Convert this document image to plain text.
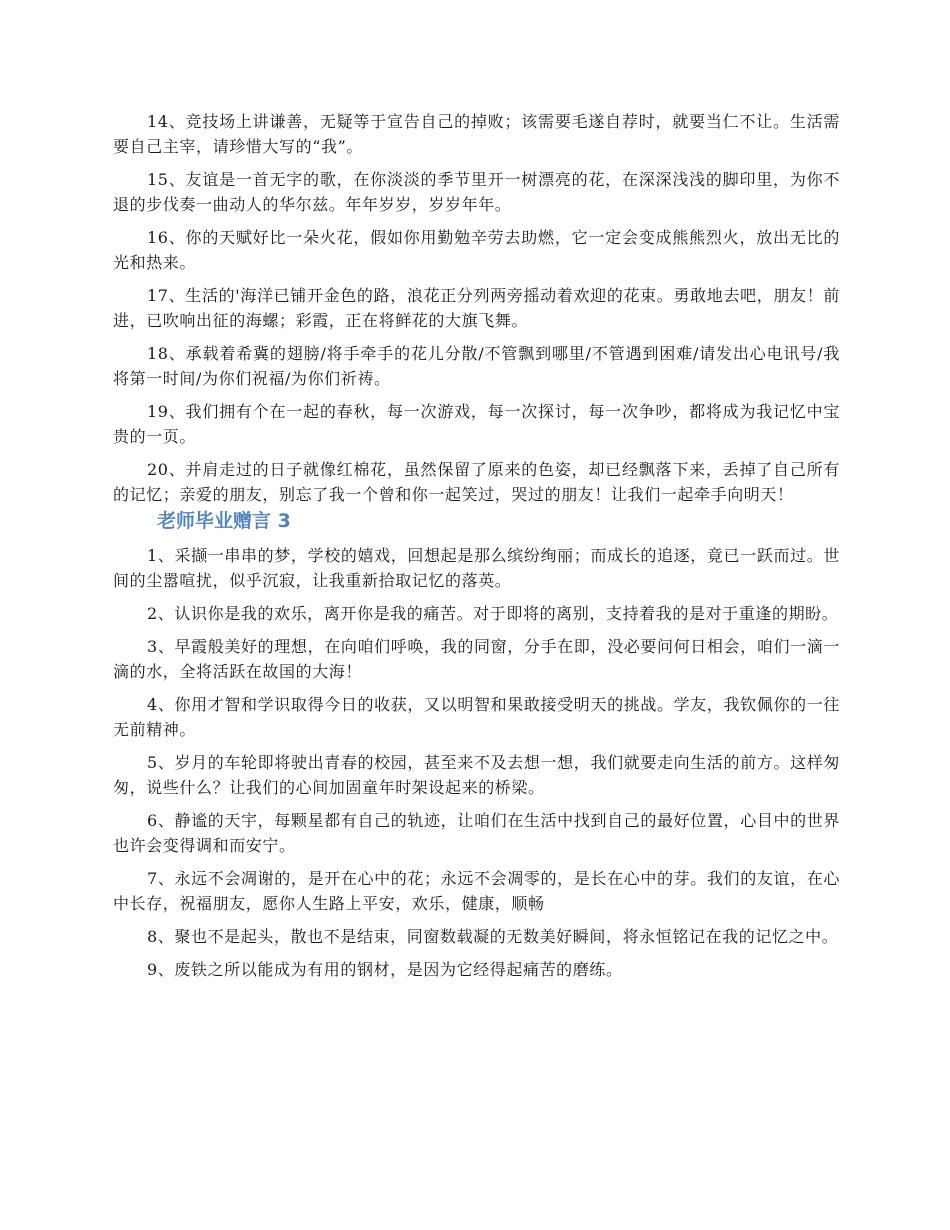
14、竞技场上讲谦善，无疑等于宣告自己的掉败；该需要毛遂自荐时，就要当仁不让。生活需要自己主宰，请珍惜大写的“我”。

15、友谊是一首无字的歌，在你淡淡的季节里开一树漂亮的花，在深深浅浅的脚印里，为你不退的步伐奏一曲动人的华尔兹。年年岁岁，岁岁年年。

16、你的天赋好比一朵火花，假如你用勤勉辛劳去助燃，它一定会变成熊熊烈火，放出无比的光和热来。

17、生活的'海洋已铺开金色的路，浪花正分列两旁摇动着欢迎的花束。勇敢地去吧，朋友！前进，已吹响出征的海螺；彩霞，正在将鲜花的大旗飞舞。

18、承载着希冀的翅膀/将手牵手的花儿分散/不管飘到哪里/不管遇到困难/请发出心电讯号/我将第一时间/为你们祝福/为你们祈祷。

19、我们拥有个在一起的春秋，每一次游戏，每一次探讨，每一次争吵，都将成为我记忆中宝贵的一页。

20、并肩走过的日子就像红棉花，虽然保留了原来的色姿，却已经飘落下来，丢掉了自己所有的记忆；亲爱的朋友，别忘了我一个曾和你一起笑过，哭过的朋友！让我们一起牵手向明天！

老师毕业赠言 3

1、采撷一串串的梦，学校的嬉戏，回想起是那么缤纷绚丽；而成长的追逐，竟已一跃而过。世间的尘嚣喧扰，似乎沉寂，让我重新拾取记忆的落英。

2、认识你是我的欢乐，离开你是我的痛苦。对于即将的离别，支持着我的是对于重逢的期盼。

3、早霞般美好的理想，在向咱们呼唤，我的同窗，分手在即，没必要问何日相会，咱们一滴一滴的水，全将活跃在故国的大海！

4、你用才智和学识取得今日的收获，又以明智和果敢接受明天的挑战。学友，我钦佩你的一往无前精神。

5、岁月的车轮即将驶出青春的校园，甚至来不及去想一想，我们就要走向生活的前方。这样匆匆，说些什么？让我们的心间加固童年时架设起来的桥梁。

6、静谧的天宇，每颗星都有自己的轨迹，让咱们在生活中找到自己的最好位置，心目中的世界也许会变得调和而安宁。

7、永远不会凋谢的，是开在心中的花；永远不会凋零的，是长在心中的芽。我们的友谊，在心中长存，祝福朋友，愿你人生路上平安，欢乐，健康，顺畅

8、聚也不是起头，散也不是结束，同窗数载凝的无数美好瞬间，将永恒铭记在我的记忆之中。

9、废铁之所以能成为有用的钢材，是因为它经得起痛苦的磨练。
